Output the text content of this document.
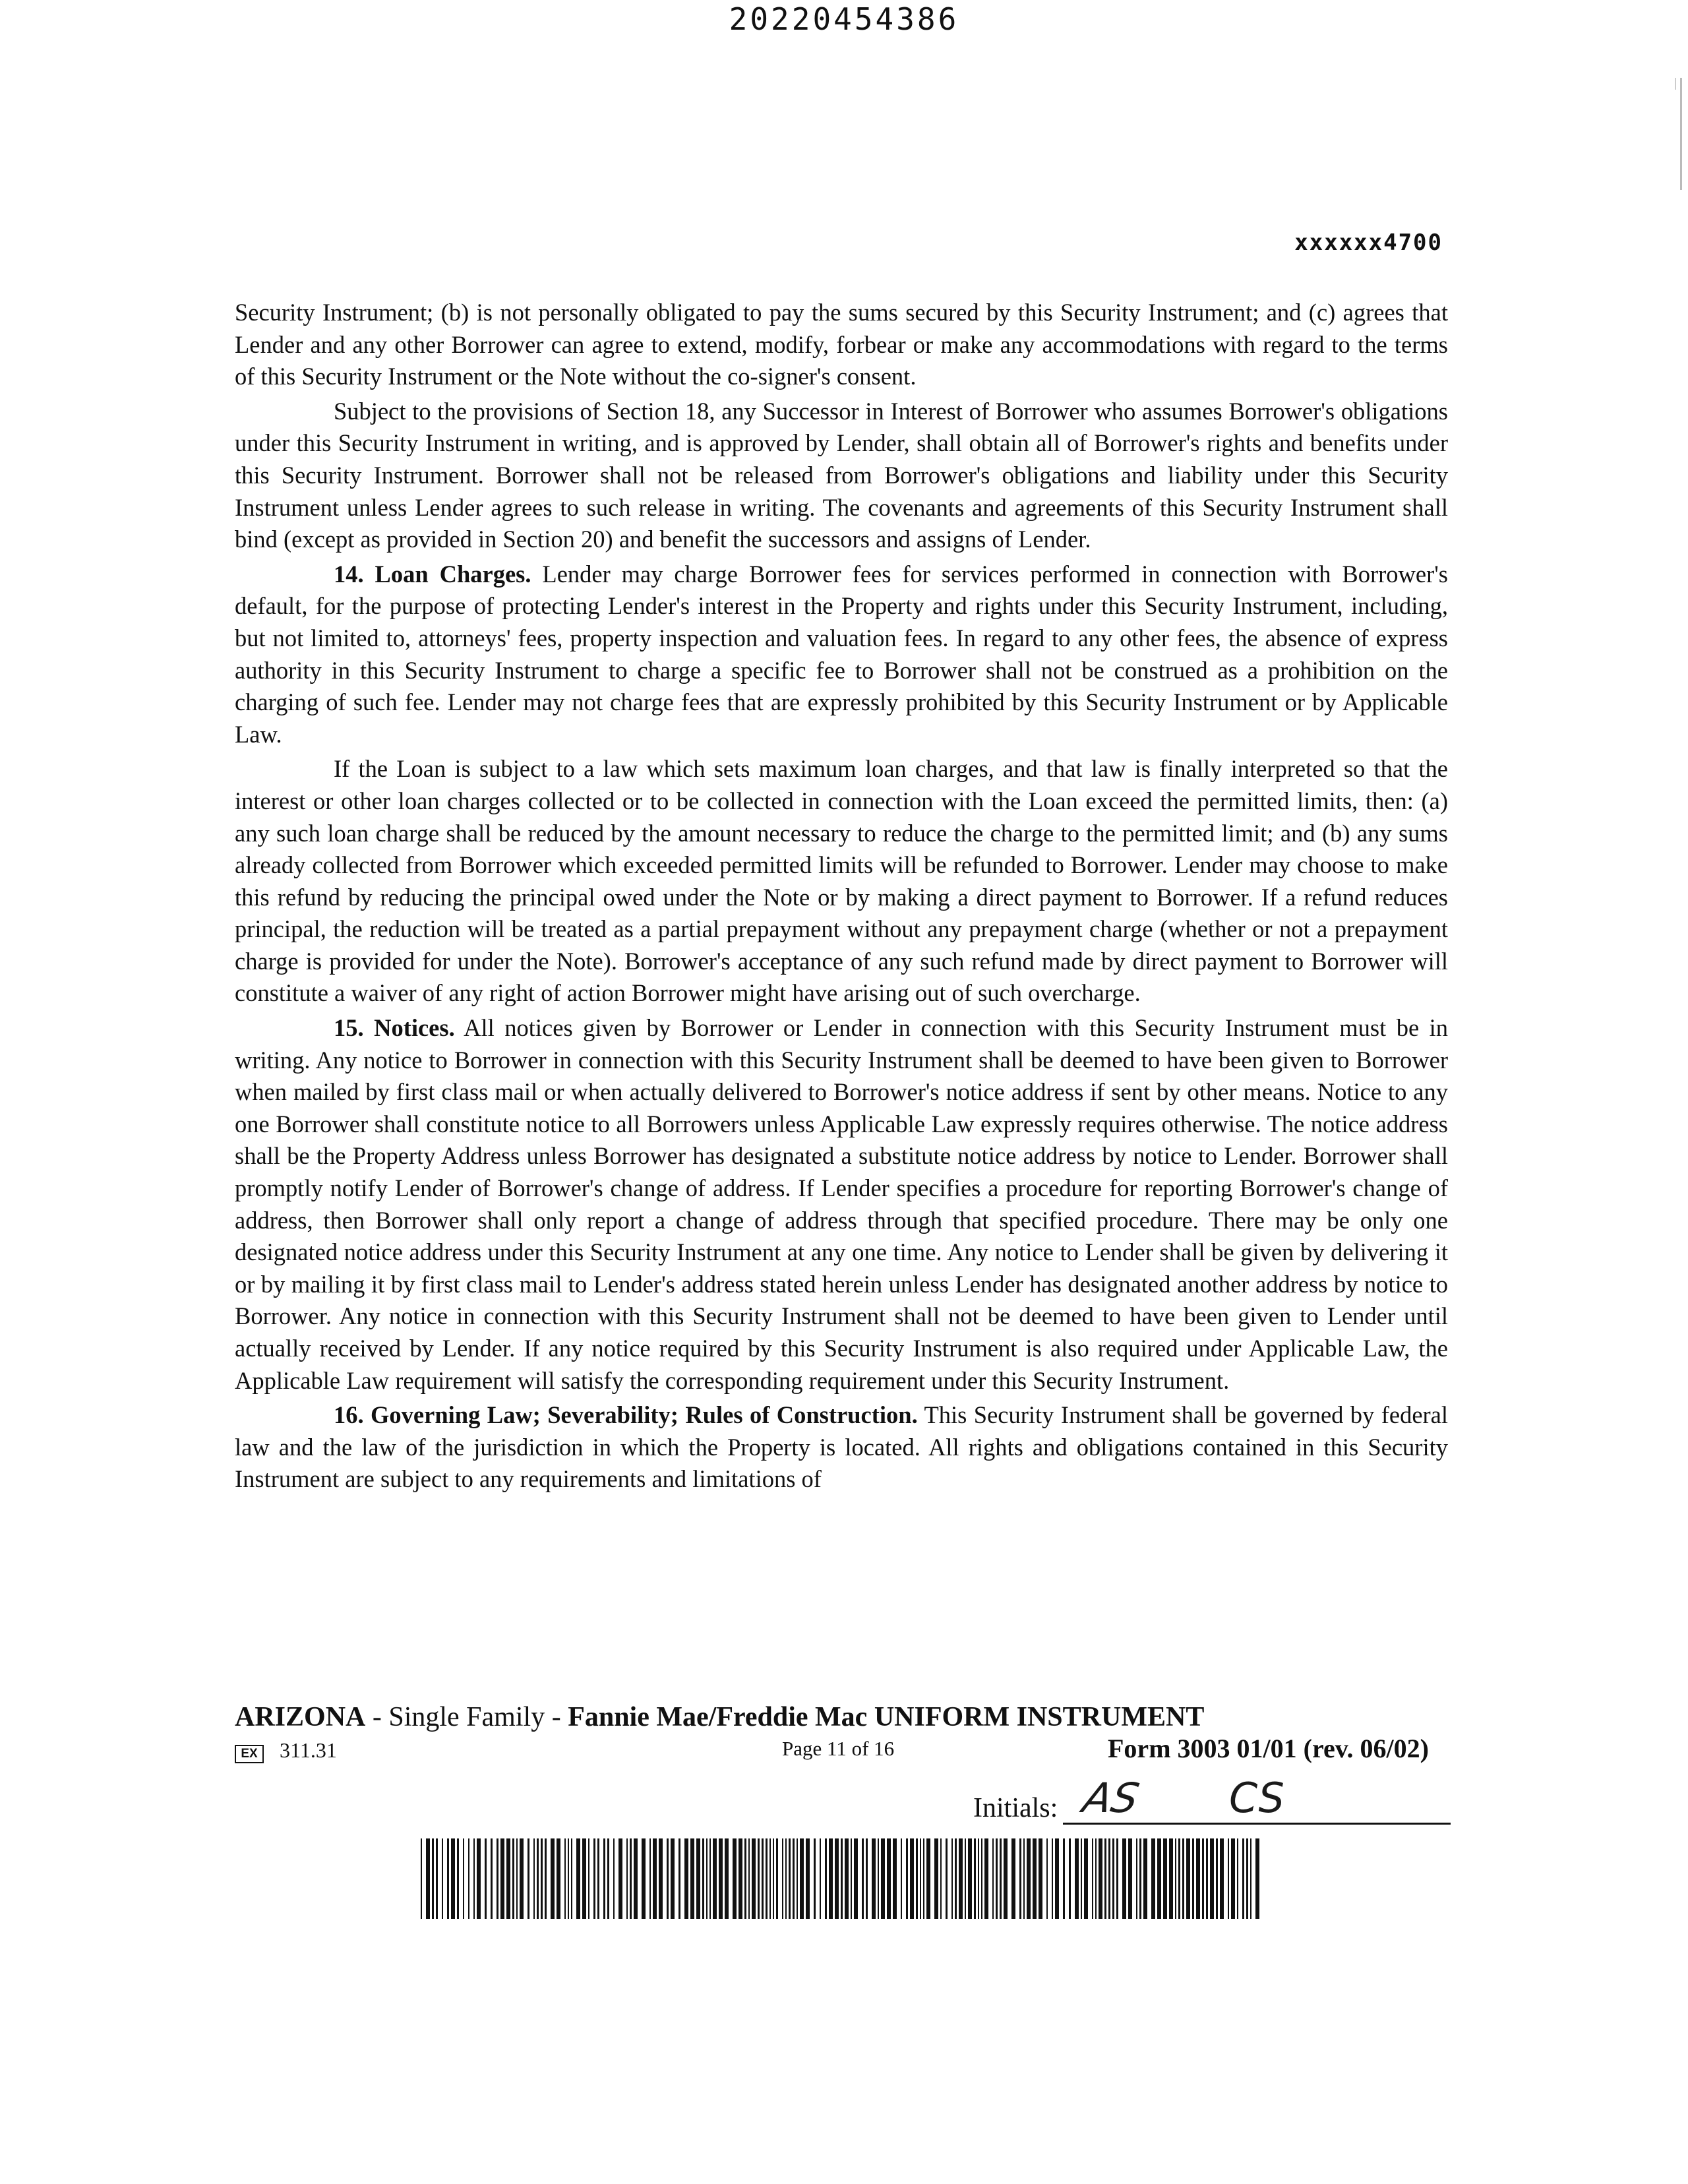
20220454386
xxxxxx4700

Security Instrument; (b) is not personally obligated to pay the sums secured by this Security Instrument; and (c) agrees that Lender and any other Borrower can agree to extend, modify, forbear or make any accommodations with regard to the terms of this Security Instrument or the Note without the co-signer's consent.

Subject to the provisions of Section 18, any Successor in Interest of Borrower who assumes Borrower's obligations under this Security Instrument in writing, and is approved by Lender, shall obtain all of Borrower's rights and benefits under this Security Instrument. Borrower shall not be released from Borrower's obligations and liability under this Security Instrument unless Lender agrees to such release in writing. The covenants and agreements of this Security Instrument shall bind (except as provided in Section 20) and benefit the successors and assigns of Lender.

14. Loan Charges. Lender may charge Borrower fees for services performed in connection with Borrower's default, for the purpose of protecting Lender's interest in the Property and rights under this Security Instrument, including, but not limited to, attorneys' fees, property inspection and valuation fees. In regard to any other fees, the absence of express authority in this Security Instrument to charge a specific fee to Borrower shall not be construed as a prohibition on the charging of such fee. Lender may not charge fees that are expressly prohibited by this Security Instrument or by Applicable Law.

If the Loan is subject to a law which sets maximum loan charges, and that law is finally interpreted so that the interest or other loan charges collected or to be collected in connection with the Loan exceed the permitted limits, then: (a) any such loan charge shall be reduced by the amount necessary to reduce the charge to the permitted limit; and (b) any sums already collected from Borrower which exceeded permitted limits will be refunded to Borrower. Lender may choose to make this refund by reducing the principal owed under the Note or by making a direct payment to Borrower. If a refund reduces principal, the reduction will be treated as a partial prepayment without any prepayment charge (whether or not a prepayment charge is provided for under the Note). Borrower's acceptance of any such refund made by direct payment to Borrower will constitute a waiver of any right of action Borrower might have arising out of such overcharge.

15. Notices. All notices given by Borrower or Lender in connection with this Security Instrument must be in writing. Any notice to Borrower in connection with this Security Instrument shall be deemed to have been given to Borrower when mailed by first class mail or when actually delivered to Borrower's notice address if sent by other means. Notice to any one Borrower shall constitute notice to all Borrowers unless Applicable Law expressly requires otherwise. The notice address shall be the Property Address unless Borrower has designated a substitute notice address by notice to Lender. Borrower shall promptly notify Lender of Borrower's change of address. If Lender specifies a procedure for reporting Borrower's change of address, then Borrower shall only report a change of address through that specified procedure. There may be only one designated notice address under this Security Instrument at any one time. Any notice to Lender shall be given by delivering it or by mailing it by first class mail to Lender's address stated herein unless Lender has designated another address by notice to Borrower. Any notice in connection with this Security Instrument shall not be deemed to have been given to Lender until actually received by Lender. If any notice required by this Security Instrument is also required under Applicable Law, the Applicable Law requirement will satisfy the corresponding requirement under this Security Instrument.

16. Governing Law; Severability; Rules of Construction. This Security Instrument shall be governed by federal law and the law of the jurisdiction in which the Property is located. All rights and obligations contained in this Security Instrument are subject to any requirements and limitations of

ARIZONA - Single Family - Fannie Mae/Freddie Mac UNIFORM INSTRUMENT
EX 311.31	Page 11 of 16	Form 3003 01/01 (rev. 06/02)
Initials: AS CS
